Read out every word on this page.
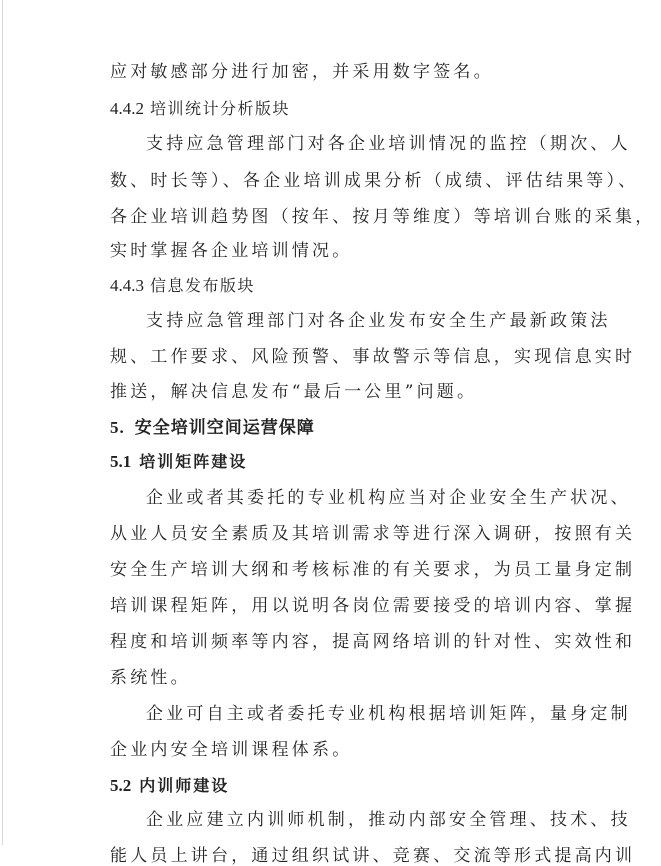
应对敏感部分进行加密，并采用数字签名。
4.4.2 培训统计分析版块
支持应急管理部门对各企业培训情况的监控（期次、人
数、时长等）、各企业培训成果分析（成绩、评估结果等）、
各企业培训趋势图（按年、按月等维度）等培训台账的采集，
实时掌握各企业培训情况。
4.4.3 信息发布版块
支持应急管理部门对各企业发布安全生产最新政策法
规、工作要求、风险预警、事故警示等信息，实现信息实时
推送，解决信息发布“最后一公里”问题。
5. 安全培训空间运营保障
5.1 培训矩阵建设
企业或者其委托的专业机构应当对企业安全生产状况、
从业人员安全素质及其培训需求等进行深入调研，按照有关
安全生产培训大纲和考核标准的有关要求，为员工量身定制
培训课程矩阵，用以说明各岗位需要接受的培训内容、掌握
程度和培训频率等内容，提高网络培训的针对性、实效性和
系统性。
企业可自主或者委托专业机构根据培训矩阵，量身定制
企业内安全培训课程体系。
5.2 内训师建设
企业应建立内训师机制，推动内部安全管理、技术、技
能人员上讲台，通过组织试讲、竞赛、交流等形式提高内训
